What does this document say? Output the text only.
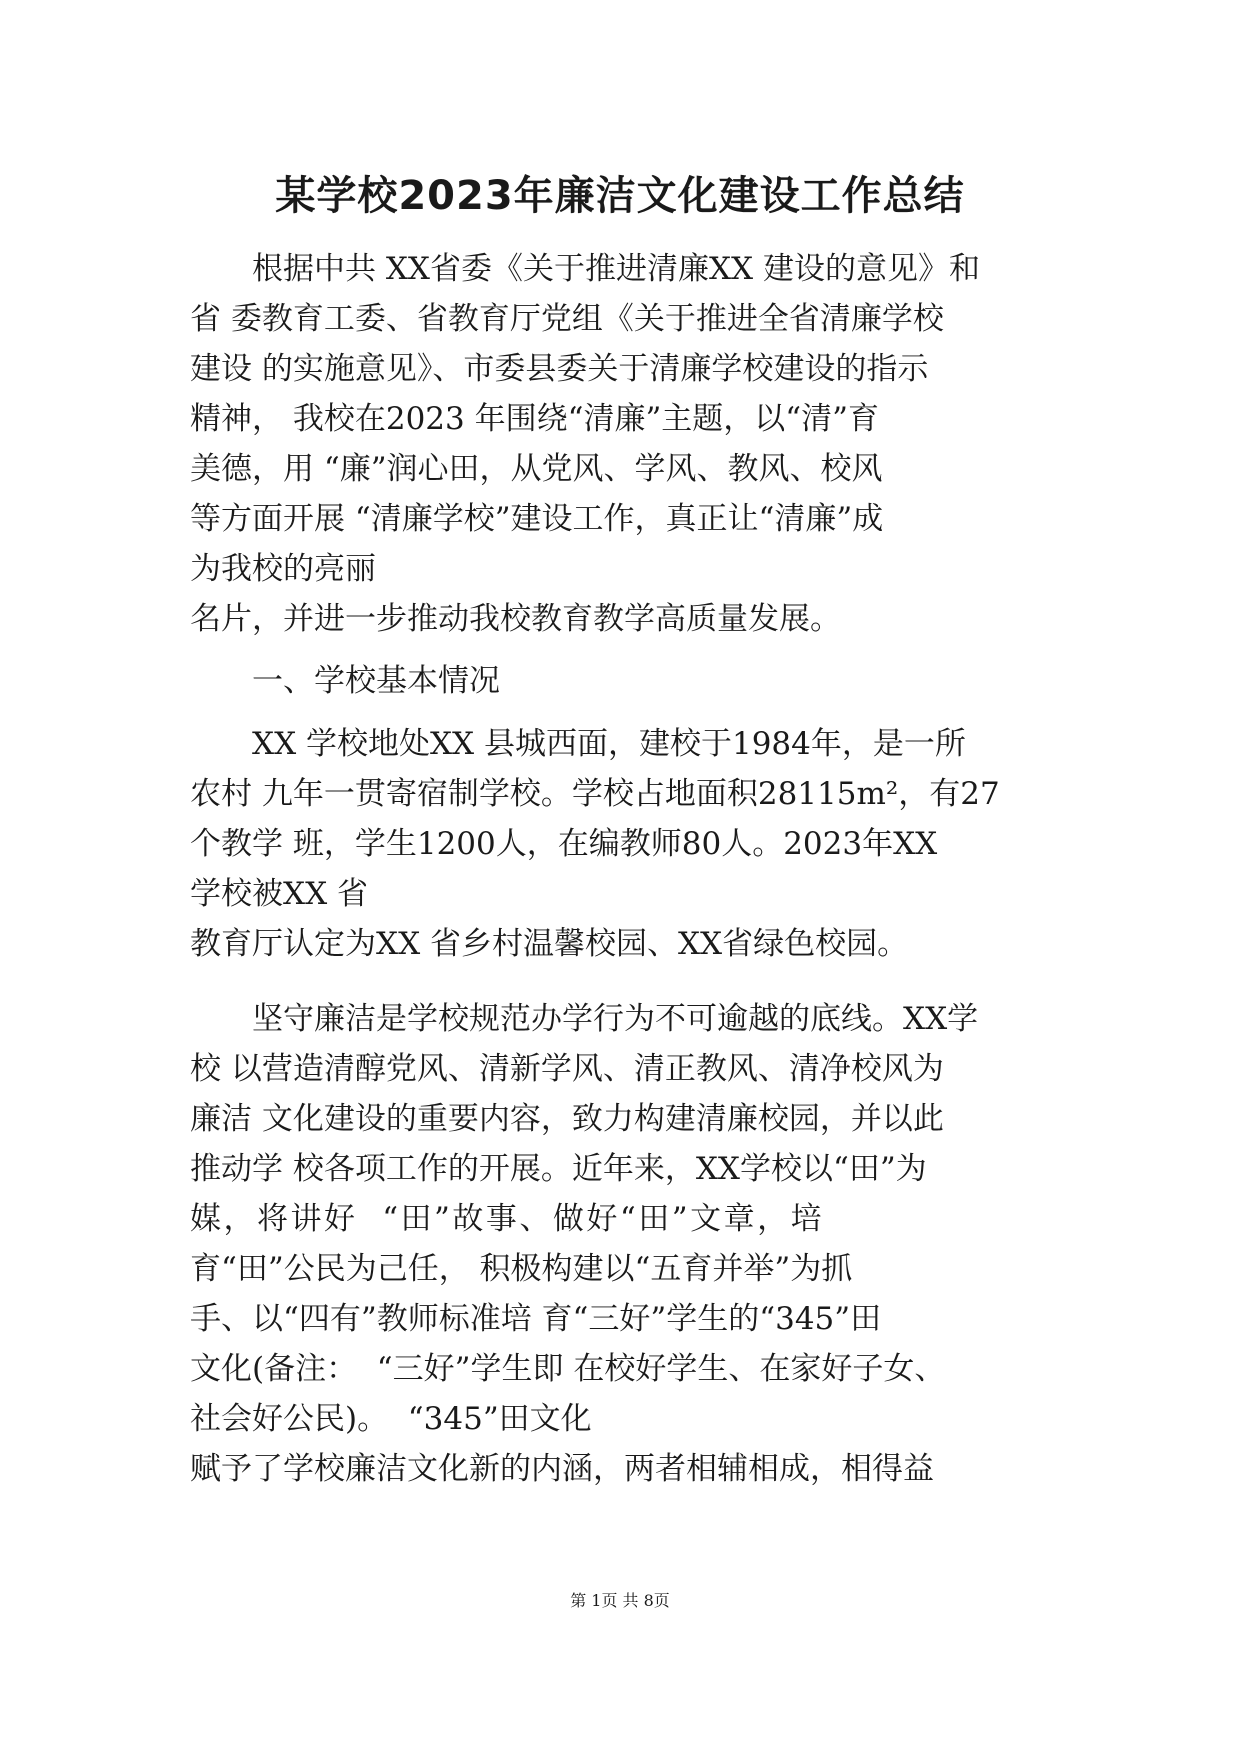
某学校2023年廉洁文化建设工作总结

根据中共 XX省委《关于推进清廉XX 建设的意见》和

省 委教育工委、省教育厅党组《关于推进全省清廉学校

建设 的实施意见》、市委县委关于清廉学校建设的指示

精神， 我校在2023 年围绕“清廉”主题，以“清”育

美德，用 “廉”润心田，从党风、学风、教风、校风

等方面开展 “清廉学校”建设工作，真正让“清廉”成

为我校的亮丽

名片，并进一步推动我校教育教学高质量发展。

一、学校基本情况

XX 学校地处XX 县城西面，建校于1984年，是一所

农村 九年一贯寄宿制学校。学校占地面积28115m²，有27

个教学 班，学生1200人，在编教师80人。2023年XX

学校被XX 省

教育厅认定为XX 省乡村温馨校园、XX省绿色校园。

坚守廉洁是学校规范办学行为不可逾越的底线。XX学

校 以营造清醇党风、清新学风、清正教风、清净校风为

廉洁 文化建设的重要内容，致力构建清廉校园，并以此

推动学 校各项工作的开展。近年来，XX学校以“田”为

媒，将讲好  “田”故事、做好“田”文章，培

育“田”公民为己任， 积极构建以“五育并举”为抓

手、以“四有”教师标准培 育“三好”学生的“345”田

文化(备注：  “三好”学生即 在校好学生、在家好子女、

社会好公民)。  “345”田文化

赋予了学校廉洁文化新的内涵，两者相辅相成，相得益

第 1页 共 8页
